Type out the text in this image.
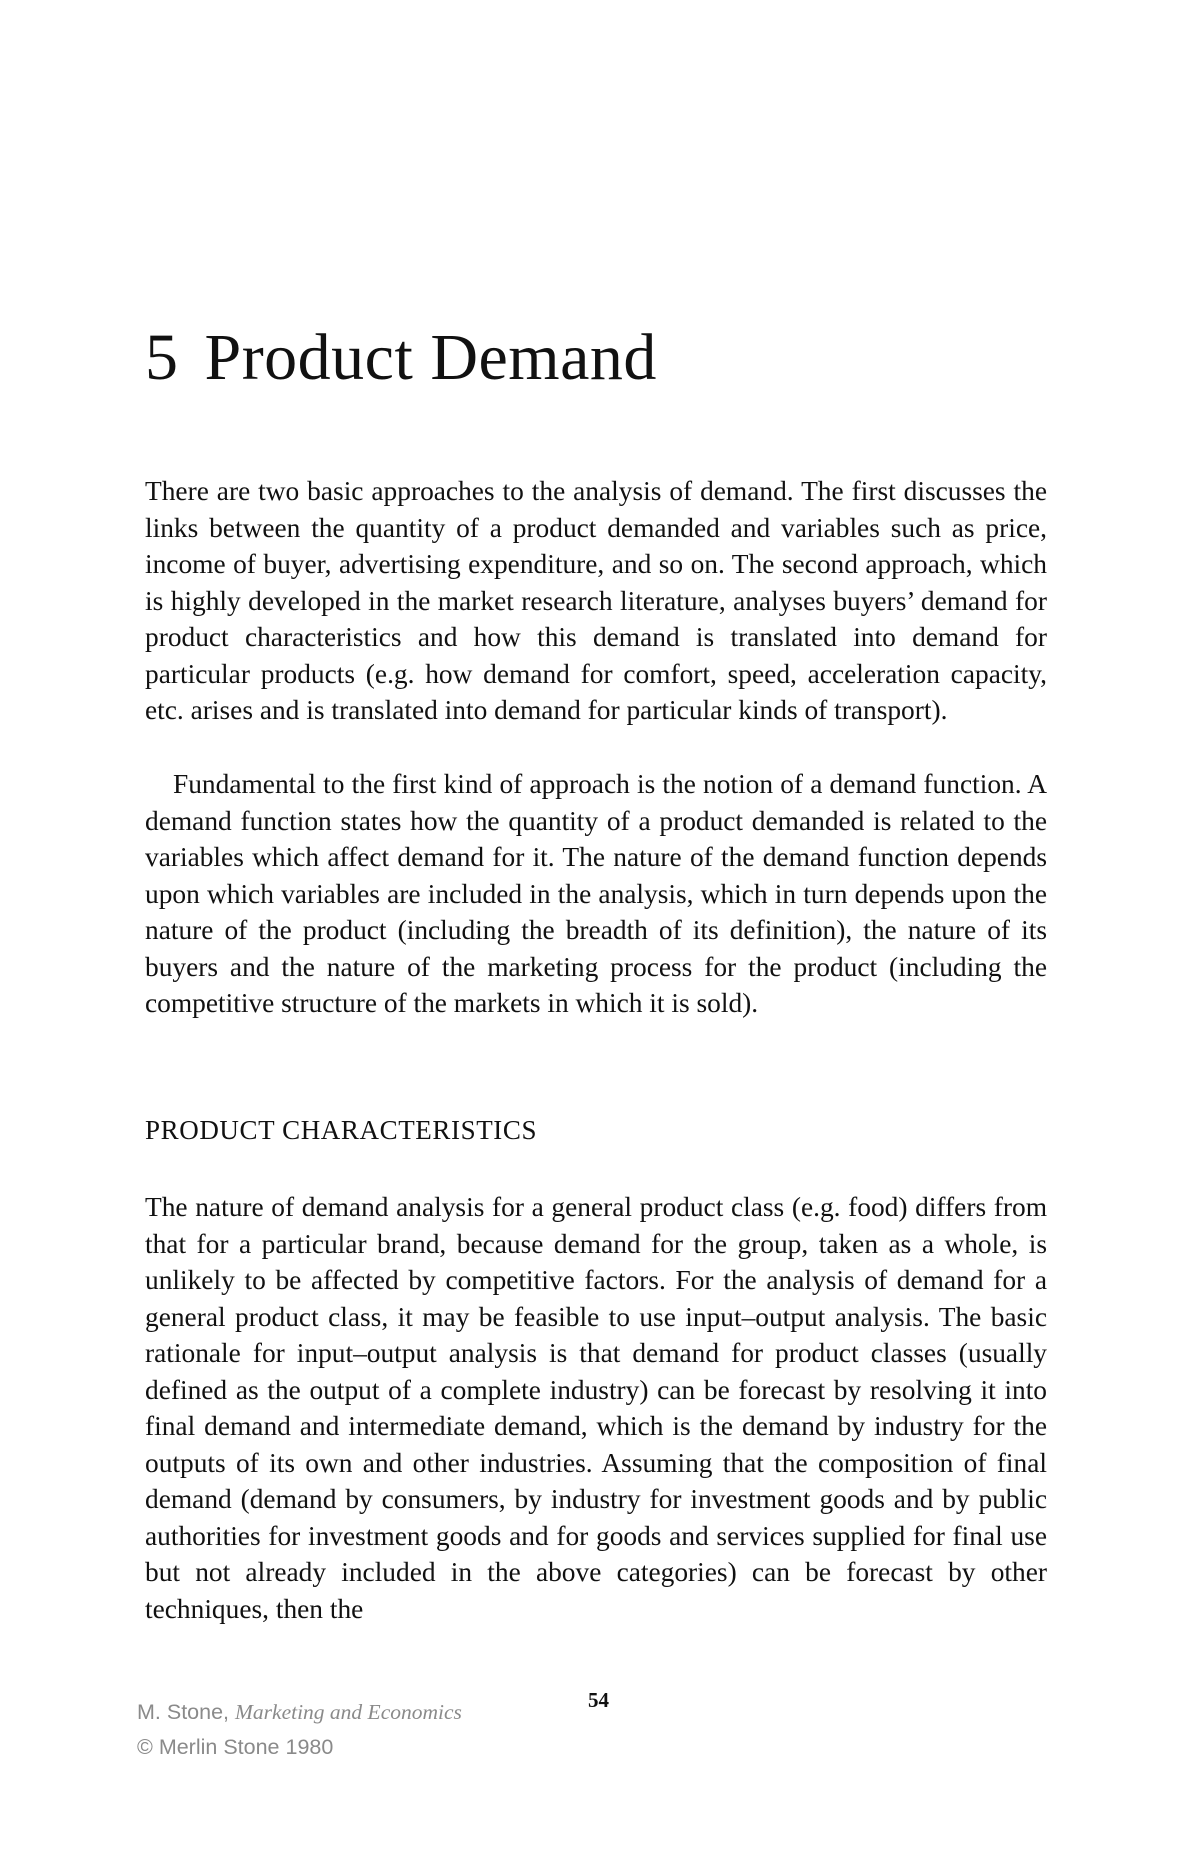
5 Product Demand

There are two basic approaches to the analysis of demand. The first discusses the links between the quantity of a product demanded and variables such as price, income of buyer, advertising expenditure, and so on. The second approach, which is highly developed in the market research literature, analyses buyers’ demand for product characteristics and how this demand is translated into demand for particular products (e.g. how demand for comfort, speed, acceleration capacity, etc. arises and is translated into demand for particular kinds of transport).

Fundamental to the first kind of approach is the notion of a demand function. A demand function states how the quantity of a product demanded is related to the variables which affect demand for it. The nature of the demand function depends upon which variables are included in the analysis, which in turn depends upon the nature of the product (including the breadth of its definition), the nature of its buyers and the nature of the marketing process for the product (including the competitive structure of the markets in which it is sold).

PRODUCT CHARACTERISTICS

The nature of demand analysis for a general product class (e.g. food) differs from that for a particular brand, because demand for the group, taken as a whole, is unlikely to be affected by competitive factors. For the analysis of demand for a general product class, it may be feasible to use input–output analysis. The basic rationale for input–output analysis is that demand for product classes (usually defined as the output of a complete industry) can be forecast by resolving it into final demand and intermediate demand, which is the demand by industry for the outputs of its own and other industries. Assuming that the composition of final demand (demand by consumers, by industry for investment goods and by public authorities for investment goods and for goods and services supplied for final use but not already included in the above categories) can be forecast by other techniques, then the

54

M. Stone, Marketing and Economics

© Merlin Stone 1980
